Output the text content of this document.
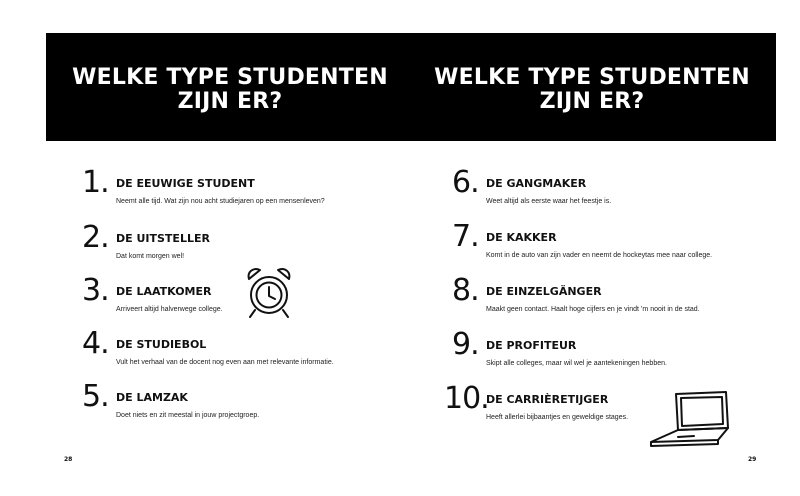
WELKE TYPE STUDENTEN
ZIJN ER?
WELKE TYPE STUDENTEN
ZIJN ER?
1. DE EEUWIGE STUDENT
Neemt alle tijd. Wat zijn nou acht studiejaren op een mensenleven?
2. DE UITSTELLER
Dat komt morgen wel!
3. DE LAATKOMER
Arriveert altijd halverwege college.
4. DE STUDIEBOL
Vult het verhaal van de docent nog even aan met relevante informatie.
5. DE LAMZAK
Doet niets en zit meestal in jouw projectgroep.
6. DE GANGMAKER
Weet altijd als eerste waar het feestje is.
7. DE KAKKER
Komt in de auto van zijn vader en neemt de hockeytas mee naar college.
8. DE EINZELGÄNGER
Maakt geen contact. Haalt hoge cijfers en je vindt ’m nooit in de stad.
9. DE PROFITEUR
Skipt alle colleges, maar wil wel je aantekeningen hebben.
10.
DE CARRIÈRETIJGER
Heeft allerlei bijbaantjes en geweldige stages.
28	29
